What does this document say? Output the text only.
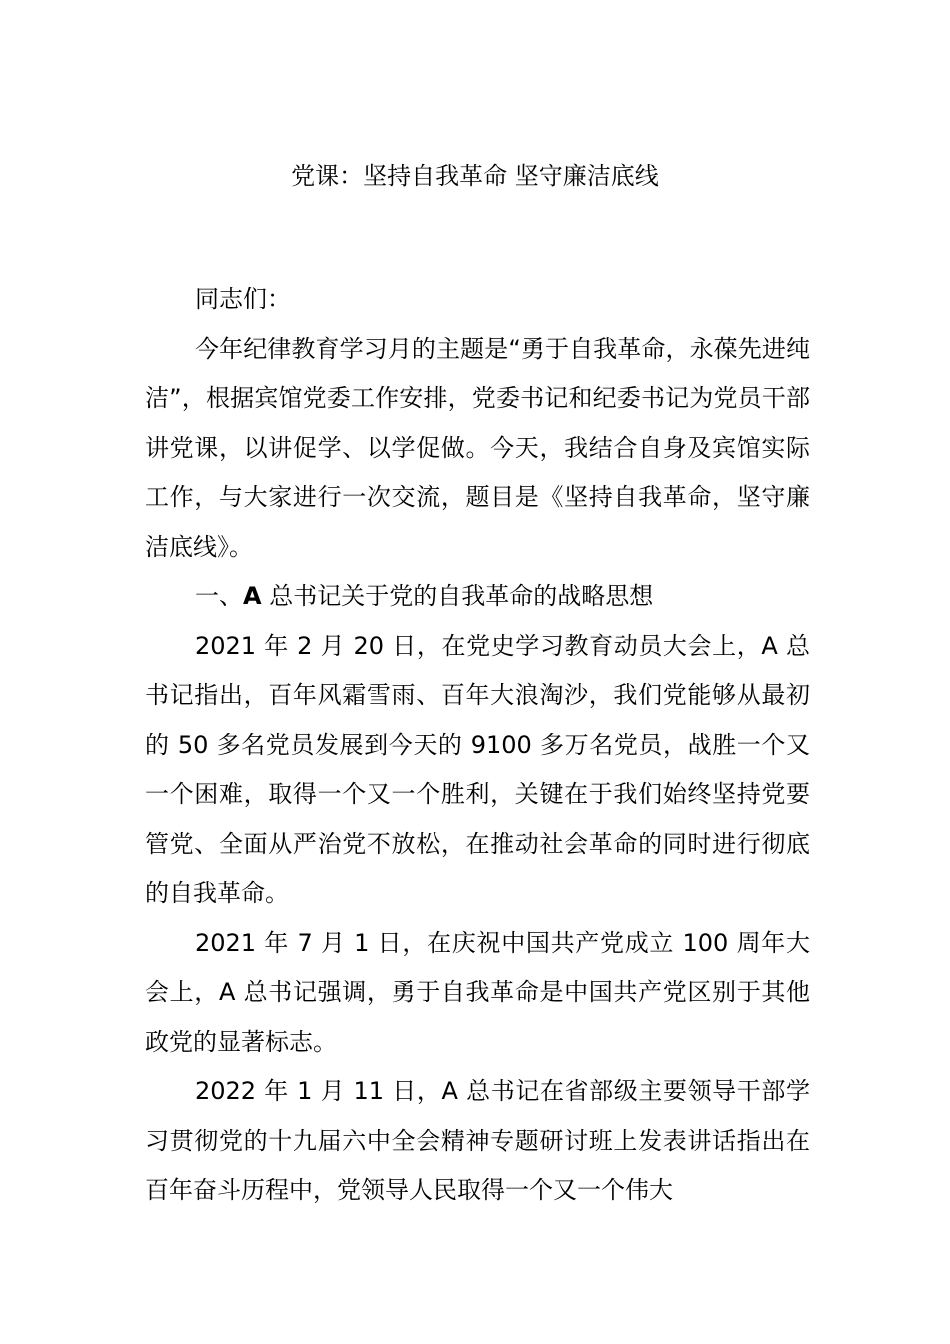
党课：坚持自我革命 坚守廉洁底线

同志们：

今年纪律教育学习月的主题是“勇于自我革命，永葆先进纯洁”，根据宾馆党委工作安排，党委书记和纪委书记为党员干部讲党课，以讲促学、以学促做。今天，我结合自身及宾馆实际工作，与大家进行一次交流，题目是《坚持自我革命，坚守廉洁底线》。

一、A 总书记关于党的自我革命的战略思想

2021 年 2 月 20 日，在党史学习教育动员大会上，A 总书记指出，百年风霜雪雨、百年大浪淘沙，我们党能够从最初的 50 多名党员发展到今天的 9100 多万名党员，战胜一个又一个困难，取得一个又一个胜利，关键在于我们始终坚持党要管党、全面从严治党不放松，在推动社会革命的同时进行彻底的自我革命。

2021 年 7 月 1 日，在庆祝中国共产党成立 100 周年大会上，A 总书记强调，勇于自我革命是中国共产党区别于其他政党的显著标志。

2022 年 1 月 11 日，A 总书记在省部级主要领导干部学习贯彻党的十九届六中全会精神专题研讨班上发表讲话指出在百年奋斗历程中，党领导人民取得一个又一个伟大
